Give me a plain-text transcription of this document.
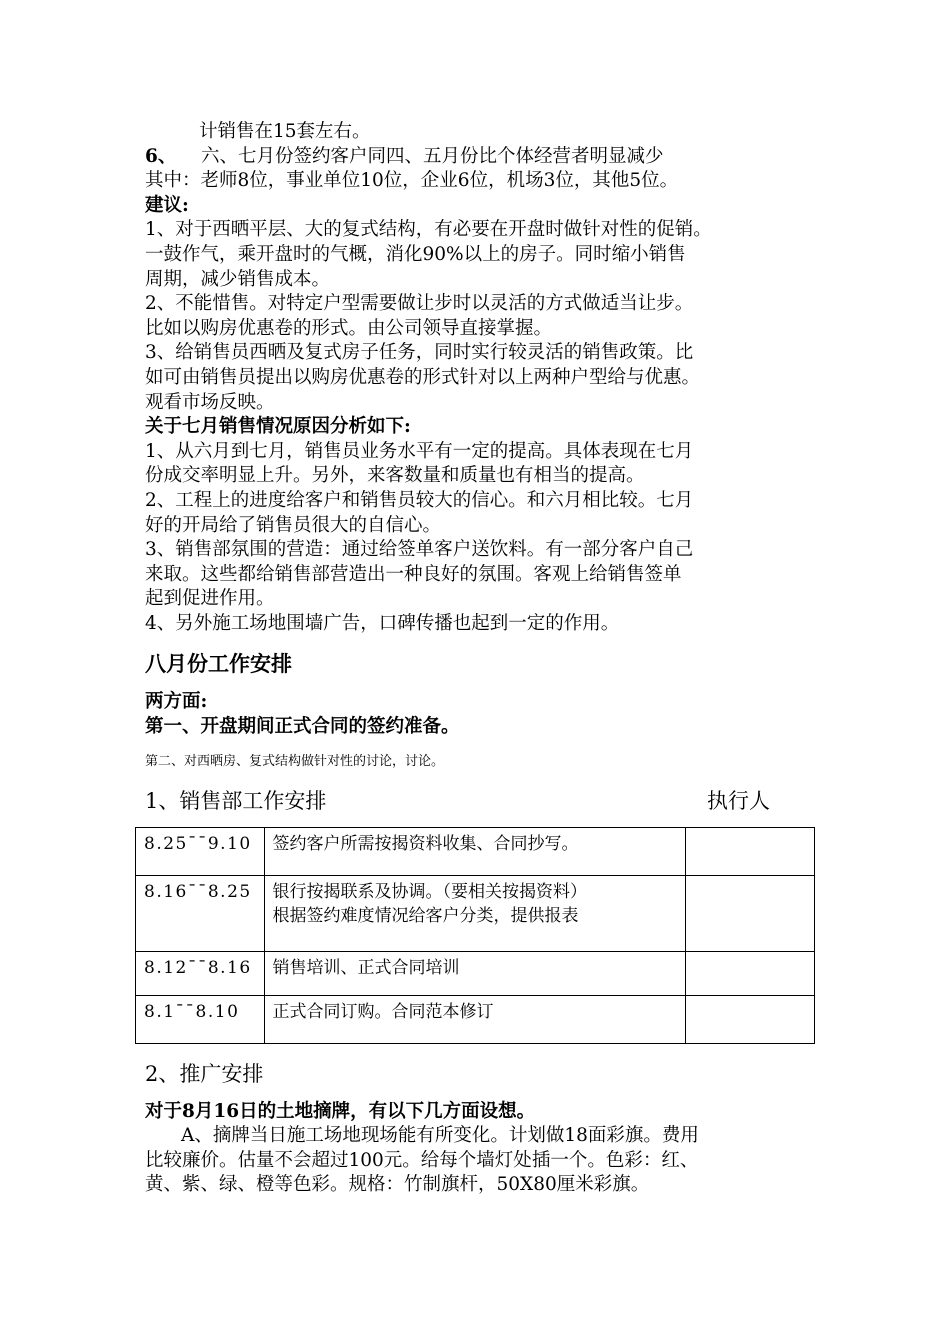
计销售在15套左右。

6、	六、七月份签约客户同四、五月份比个体经营者明显减少

其中：老师8位，事业单位10位，企业6位，机场3位，其他5位。

建议:

1、对于西晒平层、大的复式结构，有必要在开盘时做针对性的促销。

一鼓作气，乘开盘时的气概，消化90%以上的房子。同时缩小销售

周期，减少销售成本。

2、不能惜售。对特定户型需要做让步时以灵活的方式做适当让步。

比如以购房优惠卷的形式。由公司领导直接掌握。

3、给销售员西晒及复式房子任务，同时实行较灵活的销售政策。比

如可由销售员提出以购房优惠卷的形式针对以上两种户型给与优惠。

观看市场反映。

关于七月销售情况原因分析如下:

1、从六月到七月，销售员业务水平有一定的提高。具体表现在七月

份成交率明显上升。另外，来客数量和质量也有相当的提高。

2、工程上的进度给客户和销售员较大的信心。和六月相比较。七月

好的开局给了销售员很大的自信心。

3、销售部氛围的营造：通过给签单客户送饮料。有一部分客户自己

来取。这些都给销售部营造出一种良好的氛围。客观上给销售签单

起到促进作用。

4、另外施工场地围墙广告，口碑传播也起到一定的作用。

八月份工作安排

两方面:

第一、开盘期间正式合同的签约准备。

第二、对西晒房、复式结构做针对性的讨论，讨论。

1、销售部工作安排	执行人
8.25¯¯9.10	签约客户所需按揭资料收集、合同抄写。	
8.16¯¯8.25	银行按揭联系及协调。（要相关按揭资料）
根据签约难度情况给客户分类，提供报表	
8.12¯¯8.16	销售培训、正式合同培训	
8.1¯¯8.10	正式合同订购。合同范本修订	
2、推广安排

对于8月16日的土地摘牌，有以下几方面设想。

A、摘牌当日施工场地现场能有所变化。计划做18面彩旗。费用

比较廉价。估量不会超过100元。给每个墙灯处插一个。色彩：红、

黄、紫、绿、橙等色彩。规格：竹制旗杆，50X80厘米彩旗。
